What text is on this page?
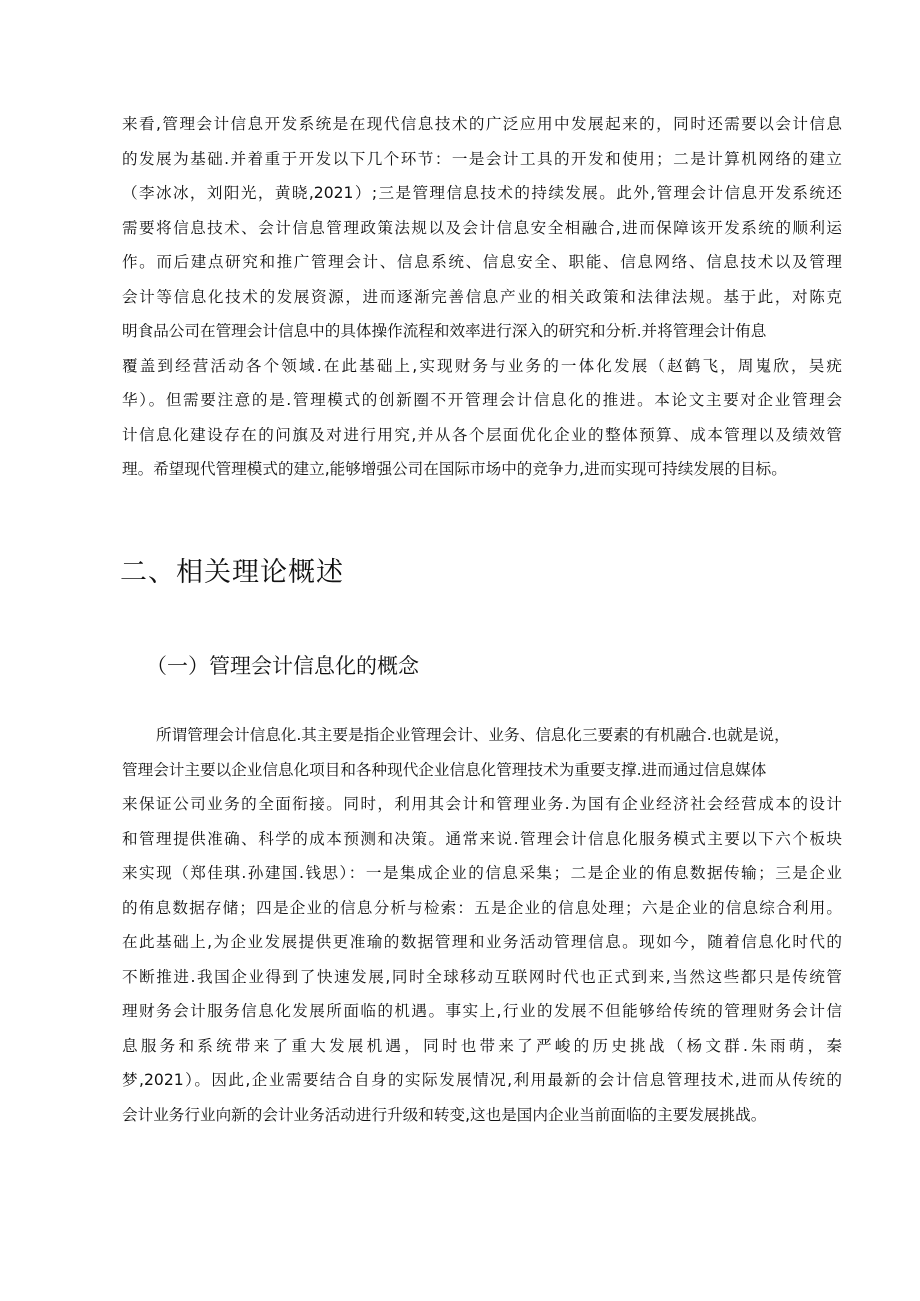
来看,管理会计信息开发系统是在现代信息技术的广泛应用中发展起来的，同时还需要以会计信息
的发展为基础.并着重于开发以下几个环节：一是会计工具的开发和使用；二是计算机网络的建立
（李冰冰，刘阳光，黄晓,2021）;三是管理信息技术的持续发展。此外,管理会计信息开发系统还
需要将信息技术、会计信息管理政策法规以及会计信息安全相融合,进而保障该开发系统的顺利运
作。而后建点研究和推广管理会计、信息系统、信息安全、职能、信息网络、信息技术以及管理
会计等信息化技术的发展资源，进而逐渐完善信息产业的相关政策和法律法规。基于此，对陈克
明食品公司在管理会计信息中的具体操作流程和效率进行深入的研究和分析.并将管理会计侑息
覆盖到经营活动各个领域.在此基础上,实现财务与业务的一体化发展（赵鹤飞，周嵬欣，吴疣
华）。但需要注意的是.管理模式的创新圈不开管理会计信息化的推进。本论文主要对企业管理会
计信息化建设存在的问旗及对进行用究,并从各个层面优化企业的整体预算、成本管理以及绩效管
理。希望现代管理模式的建立,能够增强公司在国际市场中的竞争力,进而实现可持续发展的目标。
二、相关理论概述
（一）管理会计信息化的概念
所谓管理会计信息化.其主要是指企业管理会计、业务、信息化三要素的有机融合.也就是说，
管理会计主要以企业信息化项目和各种现代企业信息化管理技术为重要支撑.进而通过信息媒体
来保证公司业务的全面衔接。同时，利用其会计和管理业务.为国有企业经济社会经营成本的设计
和管理提供准确、科学的成本预测和决策。通常来说.管理会计信息化服务模式主要以下六个板块
来实现（郑佳琪.孙建国.钱思）：一是集成企业的信息采集；二是企业的侑息数据传输；三是企业
的侑息数据存储；四是企业的信息分析与检索：五是企业的信息处理；六是企业的信息综合利用。
在此基础上,为企业发展提供更准瑜的数据管理和业务活动管理信息。现如今，随着信息化时代的
不断推进.我国企业得到了快速发展,同时全球移动互联网时代也正式到来,当然这些都只是传统管
理财务会计服务信息化发展所面临的机遇。事实上,行业的发展不但能够给传统的管理财务会计信
息服务和系统带来了重大发展机遇，同时也带来了严峻的历史挑战（杨文群.朱雨萌，秦
梦,2021）。因此,企业需要结合自身的实际发展情况,利用最新的会计信息管理技术,进而从传统的
会计业务行业向新的会计业务活动进行升级和转变,这也是国内企业当前面临的主要发展挑战。
